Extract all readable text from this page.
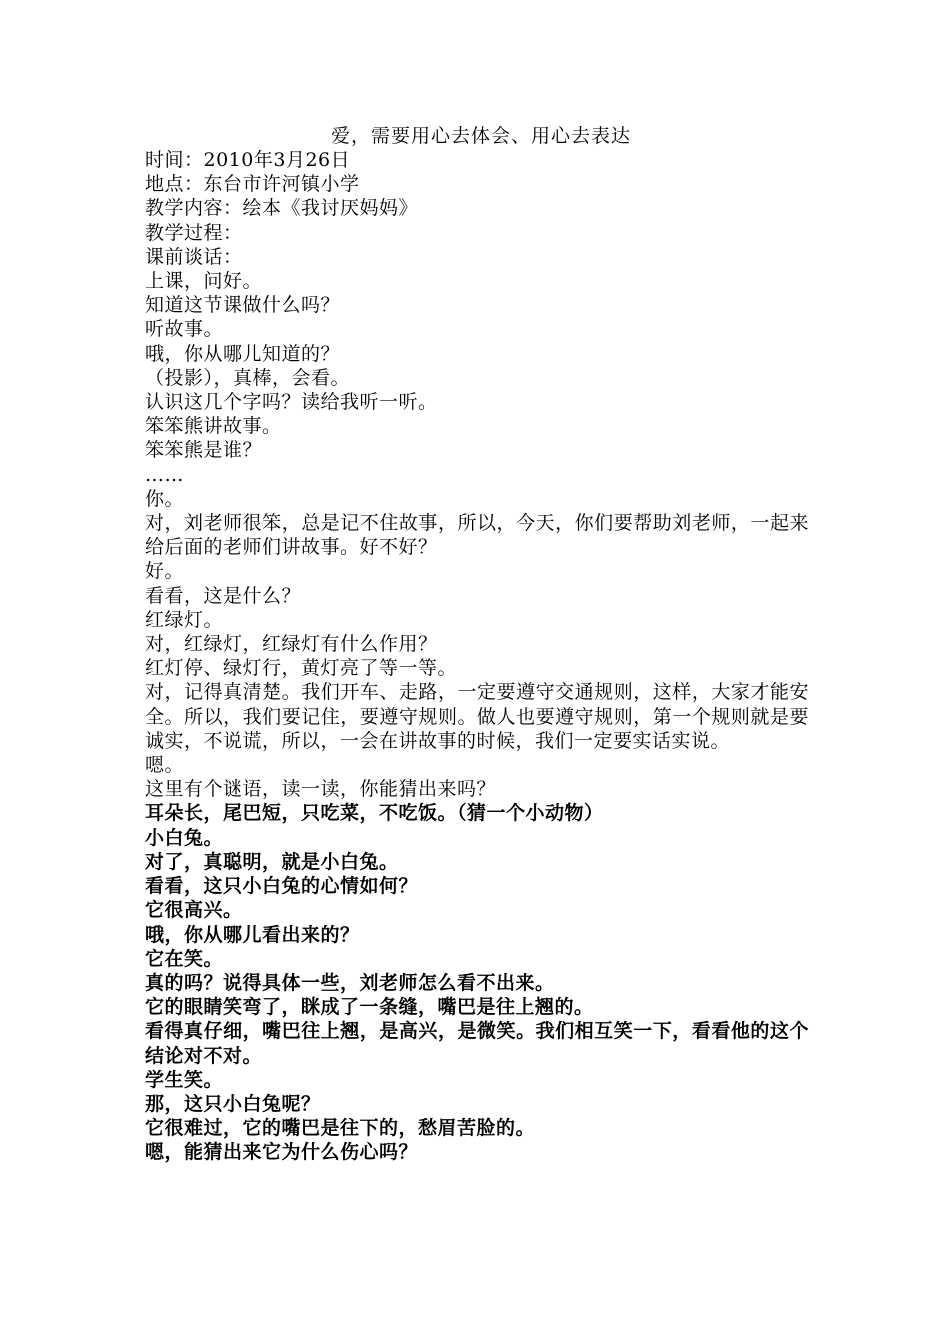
爱，需要用心去体会、用心去表达

时间：2010年3月26日

地点：东台市许河镇小学

教学内容：绘本《我讨厌妈妈》

教学过程：

课前谈话：

上课，问好。

知道这节课做什么吗？

听故事。

哦，你从哪儿知道的？

（投影），真棒，会看。

认识这几个字吗？读给我听一听。

笨笨熊讲故事。

笨笨熊是谁？

……

你。

对，刘老师很笨，总是记不住故事，所以，今天，你们要帮助刘老师，一起来给后面的老师们讲故事。好不好？

好。

看看，这是什么？

红绿灯。

对，红绿灯，红绿灯有什么作用？

红灯停、绿灯行，黄灯亮了等一等。

对，记得真清楚。我们开车、走路，一定要遵守交通规则，这样，大家才能安全。所以，我们要记住，要遵守规则。做人也要遵守规则，第一个规则就是要诚实，不说谎，所以，一会在讲故事的时候，我们一定要实话实说。

嗯。

这里有个谜语，读一读，你能猜出来吗？

耳朵长，尾巴短，只吃菜，不吃饭。（猜一个小动物）

小白兔。

对了，真聪明，就是小白兔。

看看，这只小白兔的心情如何？

它很高兴。

哦，你从哪儿看出来的？

它在笑。

真的吗？说得具体一些，刘老师怎么看不出来。

它的眼睛笑弯了，眯成了一条缝，嘴巴是往上翘的。

看得真仔细，嘴巴往上翘，是高兴，是微笑。我们相互笑一下，看看他的这个结论对不对。

学生笑。

那，这只小白兔呢？

它很难过，它的嘴巴是往下的，愁眉苦脸的。

嗯，能猜出来它为什么伤心吗？
